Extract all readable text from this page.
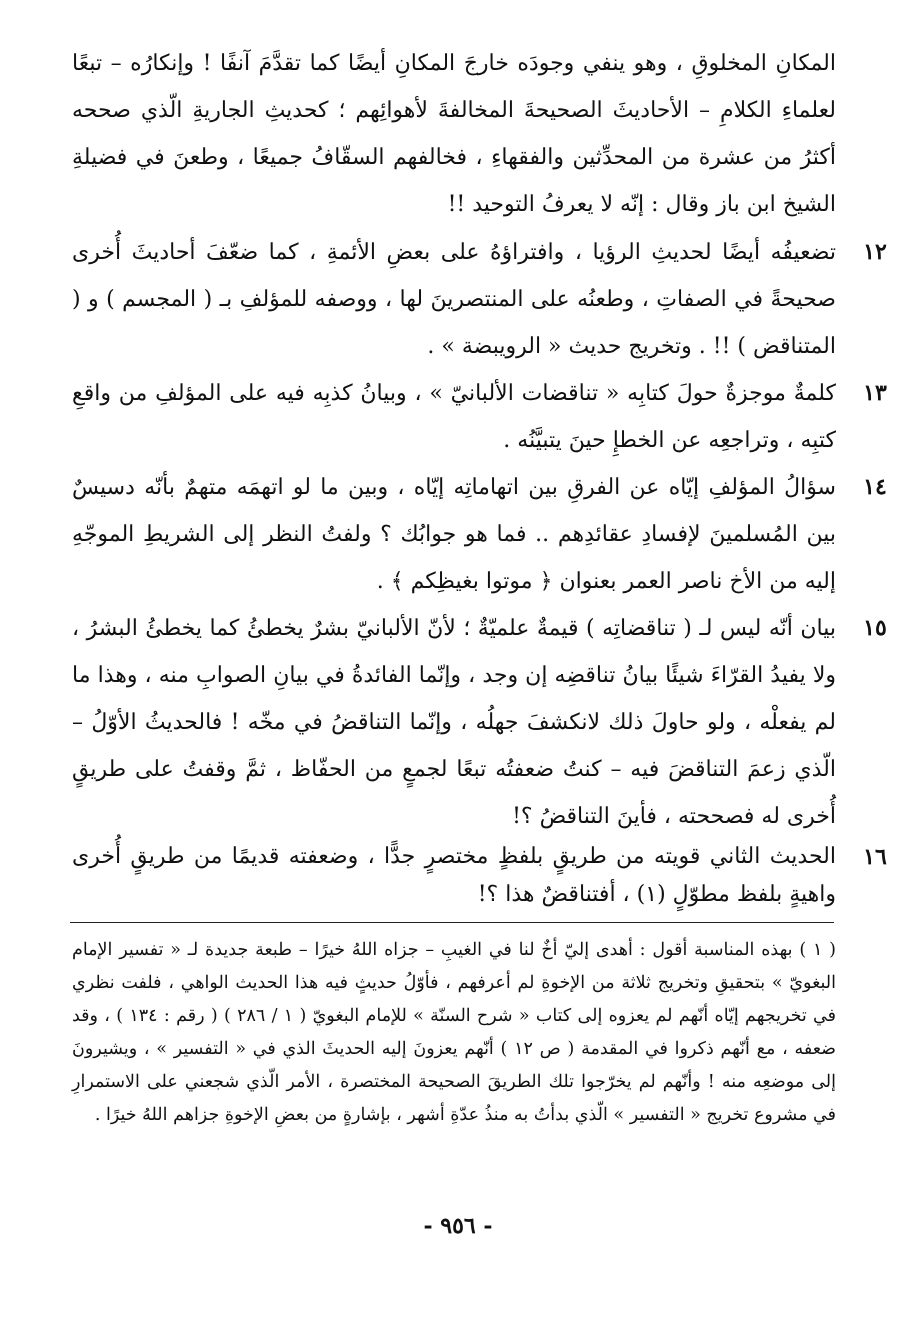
المكانِ المخلوقِ ، وهو ينفي وجودَه خارجَ المكانِ أيضًا كما تقدَّمَ آنفًا ! وإنكارُه – تبعًا لعلماءِ الكلامِ – الأحاديثَ الصحيحةَ المخالفةَ لأهوائِهم ؛ كحديثِ الجاريةِ الّذي صححه أكثرُ من عشرة من المحدِّثين والفقهاءِ ، فخالفهم السقّافُ جميعًا ، وطعنَ في فضيلةِ الشيخ ابن باز وقال : إنّه لا يعرفُ التوحيد !!
١٢
تضعيفُه أيضًا لحديثِ الرؤيا ، وافتراؤهُ على بعضِ الأئمةِ ، كما ضعّفَ أحاديثَ أُخرى صحيحةً في الصفاتِ ، وطعنُه على المنتصرينَ لها ، ووصفه للمؤلفِ بـ ( المجسم ) و ( المتناقض ) !! . وتخريج حديث « الرويبضة » .
١٣
كلمةٌ موجزةٌ حولَ كتابِه « تناقضات الألبانيّ » ، وبيانُ كذبِه فيه على المؤلفِ من واقعِ كتبِه ، وتراجعِه عن الخطإِ حينَ يتبيَّنُه .
١٤
سؤالُ المؤلفِ إيّاه عن الفرقِ بين اتهاماتِه إيّاه ، وبين ما لو اتهمَه متهمٌ بأنّه دسيسٌ بين المُسلمينَ لإفسادِ عقائدِهم .. فما هو جوابُك ؟ ولفتُ النظر إلى الشريطِ الموجّهِ إليه من الأخ ناصر العمر بعنوان ﴿ موتوا بغيظِكم ﴾ .
١٥
بيان أنّه ليس لـ ( تناقضاتِه ) قيمةٌ علميّةٌ ؛ لأنّ الألبانيّ بشرٌ يخطئُ كما يخطئُ البشرُ ، ولا يفيدُ القرّاءَ شيئًا بيانُ تناقضِه إن وجد ، وإنّما الفائدةُ في بيانِ الصوابِ منه ، وهذا ما لم يفعلْه ، ولو حاولَ ذلك لانكشفَ جهلُه ، وإنّما التناقضُ في مخّه ! فالحديثُ الأوّلُ – الّذي زعمَ التناقضَ فيه – كنتُ ضعفتُه تبعًا لجمعٍ من الحفّاظ ، ثمَّ وقفتُ على طريقٍ أُخرى له فصححته ، فأينَ التناقضُ ؟!
١٦
الحديث الثاني قويته من طريقٍ بلفظٍ مختصرٍ جدًّا ، وضعفته قديمًا من طريقٍ أُخرى واهيةٍ بلفظ مطوّلٍ (١) ، أفتناقضٌ هذا ؟!
( ١ ) بهذه المناسبة أقول : أهدى إليّ أخٌ لنا في الغيبِ – جزاه اللهُ خيرًا – طبعة جديدة لـ « تفسير الإمام البغويّ » بتحقيقِ وتخريج ثلاثة من الإخوةِ لم أعرفهم ، فأوّلُ حديثٍ فيه هذا الحديث الواهي ، فلفت نظري في تخريجهم إيّاه أنّهم لم يعزوه إلى كتاب « شرح السنّة » للإمام البغويّ ( ١ / ٢٨٦ ) ( رقم : ١٣٤ ) ، وقد ضعفه ، مع أنّهم ذكروا في المقدمة ( ص ١٢ ) أنّهم يعزونَ إليه الحديثَ الذي في « التفسير » ، ويشيرونَ إلى موضعِه منه ! وأنّهم لم يخرّجوا تلك الطريقَ الصحيحة المختصرة ، الأمر الّذي شجعني على الاستمرارِ في مشروع تخريج « التفسير » الّذي بدأتُ به منذُ عدّةِ أشهر ، بإشارةٍ من بعضِ الإخوةِ جزاهم اللهُ خيرًا .
- ٩٥٦ -
